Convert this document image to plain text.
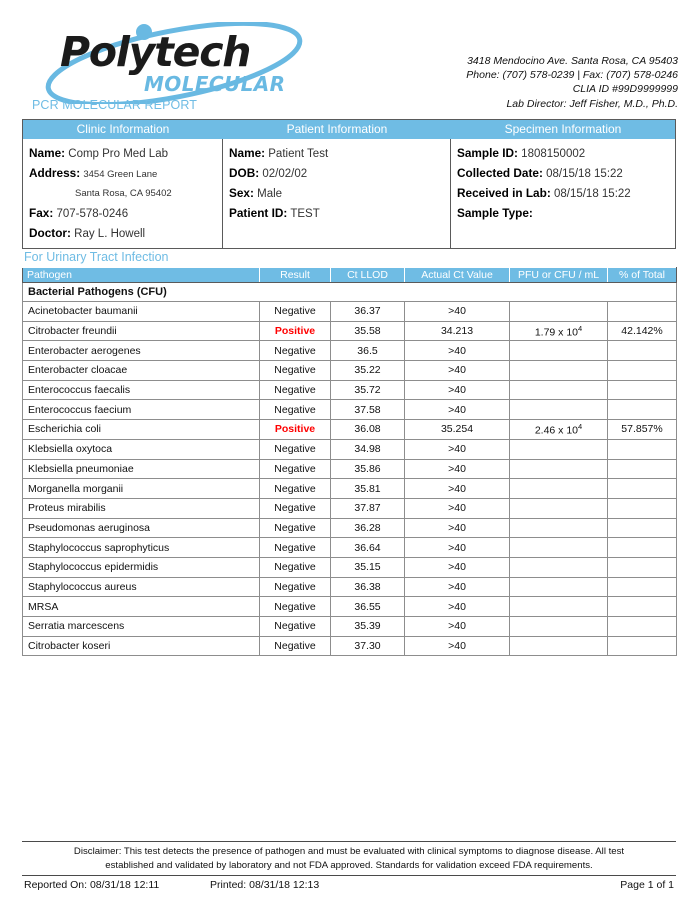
Polytech
MOLECULAR
3418 Mendocino Ave. Santa Rosa, CA 95403
Phone: (707) 578-0239 | Fax: (707) 578-0246
CLIA ID #99D9999999
Lab Director: Jeff Fisher, M.D., Ph.D.
PCR MOLECULAR REPORT
Clinic Information	Patient Information	Specimen Information
Name: Comp Pro Med Lab
Address: 3454 Green Lane
Santa Rosa, CA 95402
Fax: 707-578-0246
Doctor: Ray L. Howell
Name: Patient Test
DOB: 02/02/02
Sex: Male
Patient ID: TEST

Sample ID: 1808150002
Collected Date: 08/15/18 15:22
Received in Lab: 08/15/18 15:22
Sample Type:

For Urinary Tract Infection
Pathogen	Result	Ct LLOD	Actual Ct Value	PFU or CFU / mL	% of Total
Bacterial Pathogens (CFU)					
Acinetobacter baumanii	Negative	36.37	>40		
Citrobacter freundii	Positive	35.58	34.213	1.79 x $10^4$	42.142%
Enterobacter aerogenes	Negative	36.5	>40		
Enterobacter cloacae	Negative	35.22	>40		
Enterococcus faecalis	Negative	35.72	>40		
Enterococcus faecium	Negative	37.58	>40		
Escherichia coli	Positive	36.08	35.254	2.46 x $10^4$	57.857%
Klebsiella oxytoca	Negative	34.98	>40		
Klebsiella pneumoniae	Negative	35.86	>40		
Morganella morganii	Negative	35.81	>40		
Proteus mirabilis	Negative	37.87	>40		
Pseudomonas aeruginosa	Negative	36.28	>40		
Staphylococcus saprophyticus	Negative	36.64	>40		
Staphylococcus epidermidis	Negative	35.15	>40		
Staphylococcus aureus	Negative	36.38	>40		
MRSA	Negative	36.55	>40		
Serratia marcescens	Negative	35.39	>40		
Citrobacter koseri	Negative	37.30	>40		
Disclaimer: This test detects the presence of pathogen and must be evaluated with clinical symptoms to diagnose disease. All test
established and validated by laboratory and not FDA approved. Standards for validation exceed FDA requirements.
Reported On: 08/31/18 12:11	Printed: 08/31/18 12:13	Page 1 of 1
